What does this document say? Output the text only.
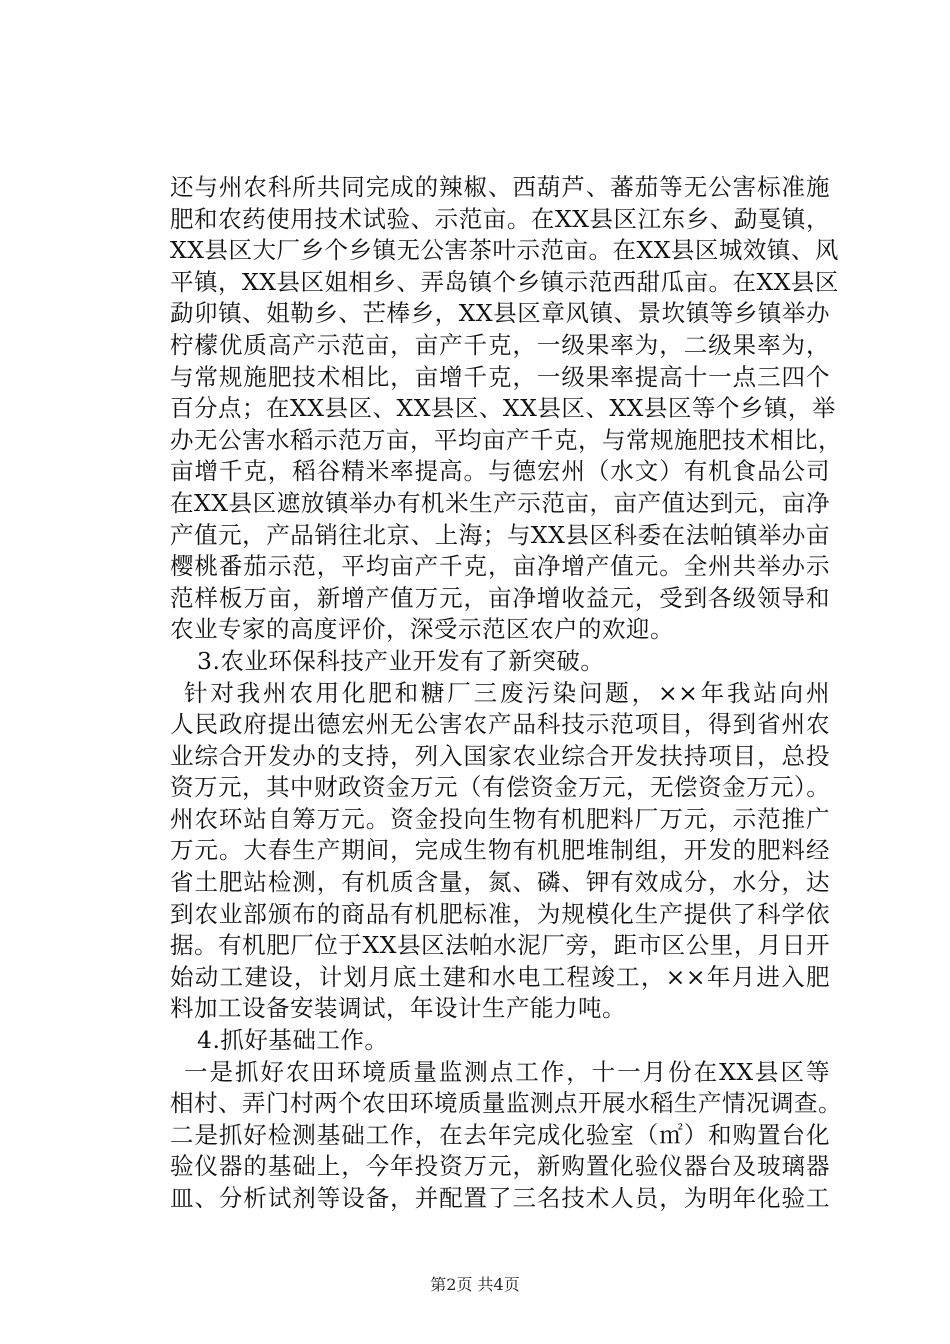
还与州农科所共同完成的辣椒、西葫芦、蕃茄等无公害标准施
肥和农药使用技术试验、示范亩。在XX县区江东乡、勐戛镇，
XX县区大厂乡个乡镇无公害茶叶示范亩。在XX县区城效镇、风
平镇，XX县区姐相乡、弄岛镇个乡镇示范西甜瓜亩。在XX县区
勐卯镇、姐勒乡、芒棒乡，XX县区章风镇、景坎镇等乡镇举办
柠檬优质高产示范亩，亩产千克，一级果率为，二级果率为，
与常规施肥技术相比，亩增千克，一级果率提高十一点三四个
百分点；在XX县区、XX县区、XX县区、XX县区等个乡镇，举
办无公害水稻示范万亩，平均亩产千克，与常规施肥技术相比，
亩增千克，稻谷精米率提高。与德宏州（水文）有机食品公司
在XX县区遮放镇举办有机米生产示范亩，亩产值达到元，亩净
产值元，产品销往北京、上海；与XX县区科委在法帕镇举办亩
樱桃番茄示范，平均亩产千克，亩净增产值元。全州共举办示
范样板万亩，新增产值万元，亩净增收益元，受到各级领导和
农业专家的高度评价，深受示范区农户的欢迎。
3.农业环保科技产业开发有了新突破。
针对我州农用化肥和糖厂三废污染问题，××年我站向州
人民政府提出德宏州无公害农产品科技示范项目，得到省州农
业综合开发办的支持，列入国家农业综合开发扶持项目，总投
资万元，其中财政资金万元（有偿资金万元，无偿资金万元）。
州农环站自筹万元。资金投向生物有机肥料厂万元，示范推广
万元。大春生产期间，完成生物有机肥堆制组，开发的肥料经
省土肥站检测，有机质含量，氮、磷、钾有效成分，水分，达
到农业部颁布的商品有机肥标准，为规模化生产提供了科学依
据。有机肥厂位于XX县区法帕水泥厂旁，距市区公里，月日开
始动工建设，计划月底土建和水电工程竣工，××年月进入肥
料加工设备安装调试，年设计生产能力吨。
4.抓好基础工作。
一是抓好农田环境质量监测点工作，十一月份在XX县区等
相村、弄门村两个农田环境质量监测点开展水稻生产情况调查。
二是抓好检测基础工作，在去年完成化验室（㎡）和购置台化
验仪器的基础上，今年投资万元，新购置化验仪器台及玻璃器
皿、分析试剂等设备，并配置了三名技术人员，为明年化验工
第2页 共4页
